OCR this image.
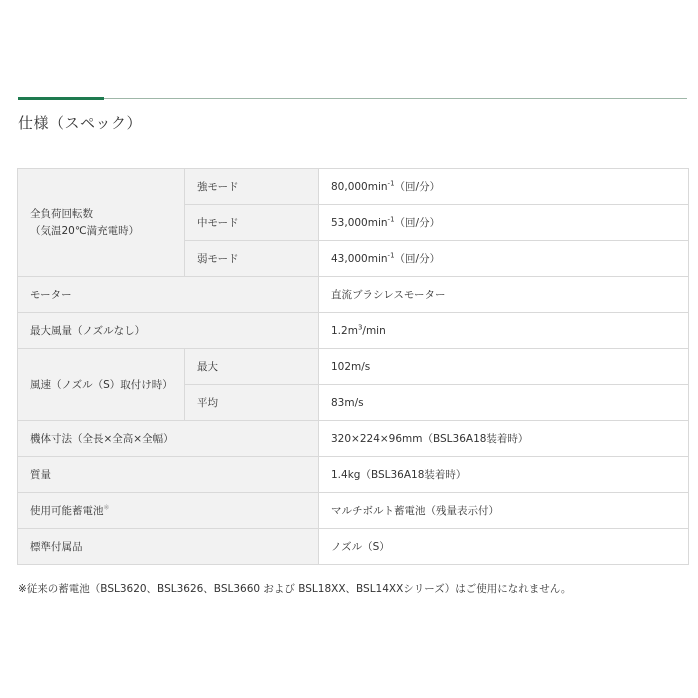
仕様（スペック）
全負荷回転数
（気温20℃満充電時）	強モード	$80,000\min^{-1}$（回/分）
	中モード	$53,000\min^{-1}$（回/分）
	弱モード	$43,000\min^{-1}$（回/分）
モーター		直流ブラシレスモーター
最大風量（ノズルなし）		$1.2m^3/\min$
風速（ノズル（S）取付け時）	最大	102m/s
	平均	83m/s
機体寸法（全長×全高×全幅）		320×224×96mm（BSL36A18装着時）
質量		1.4kg（BSL36A18装着時）
使用可能蓄電池※		マルチボルト蓄電池（残量表示付）
標準付属品		ノズル（S）
※従来の蓄電池（BSL3620、BSL3626、BSL3660 および BSL18XX、BSL14XXシリーズ）はご使用になれません。
